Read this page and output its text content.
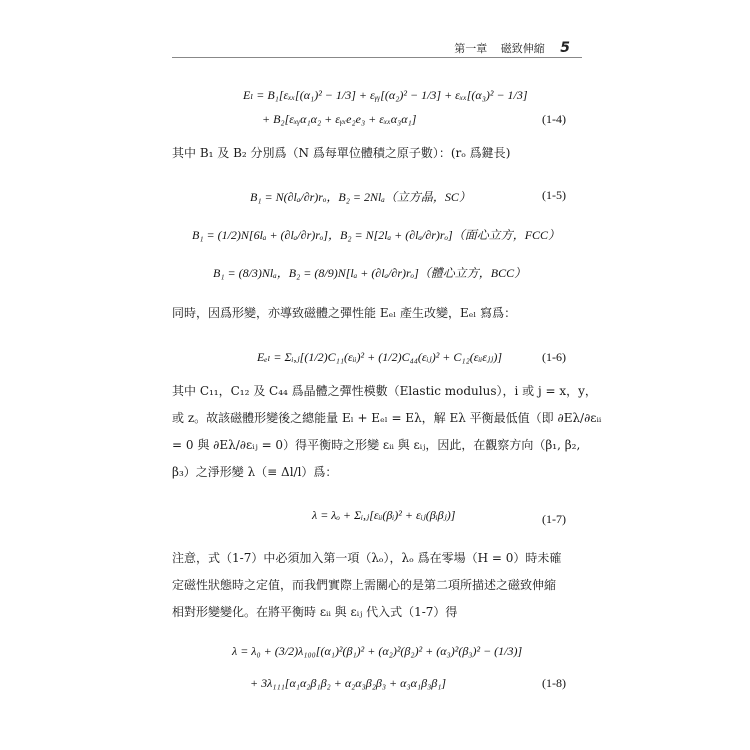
第一章 磁致伸縮 5
Eₗ = B₁[εₓₓ[(α₁)² − 1/3] + εᵧᵧ[(α₂)² − 1/3] + εₓₓ[(α₃)² − 1/3]
+ B₂[εₓᵧα₁α₂ + εᵧₓe₂e₃ + εₓₓα₃α₁]	(1-4)
其中 B₁ 及 B₂ 分別爲（N 爲每單位體積之原子數）：(rₒ 爲鍵長)
B₁ = N(∂lₐ/∂r)rₒ，B₂ = 2Nlₐ（立方晶，SC）	(1-5)
B₁ = (1/2)N[6lₐ + (∂lₐ/∂r)rₒ]，B₂ = N[2lₐ + (∂lₐ/∂r)rₒ]（面心立方，FCC）
B₁ = (8/3)Nlₐ，B₂ = (8/9)N[lₐ + (∂lₐ/∂r)rₒ]（體心立方，BCC）
同時，因爲形變，亦導致磁體之彈性能 Eₑₗ 產生改變，Eₑₗ 寫爲：
Eₑₗ = Σᵢ,ⱼ[(1/2)C₁₁(εᵢᵢ)² + (1/2)C₄₄(εᵢⱼ)² + C₁₂(εᵢᵢεⱼⱼ)]	(1-6)
其中 C₁₁，C₁₂ 及 C₄₄ 爲晶體之彈性模數（Elastic modulus），i 或 j = x，y，
或 z。故該磁體形變後之總能量 Eₗ + Eₑₗ = Eλ，解 Eλ 平衡最低值（即 ∂Eλ/∂εᵢᵢ
= 0 與 ∂Eλ/∂εᵢⱼ = 0）得平衡時之形變 εᵢᵢ 與 εᵢⱼ，因此，在觀察方向（β₁, β₂,
β₃）之淨形變 λ（≡ Δl/l）爲：
λ = λₒ + Σᵢ,ⱼ[εᵢᵢ(βᵢ)² + εᵢⱼ(βᵢβⱼ)]	(1-7)
注意，式（1-7）中必須加入第一項（λₒ），λₒ 爲在零場（H = 0）時未確
定磁性狀態時之定值，而我們實際上需關心的是第二項所描述之磁致伸縮
相對形變變化。在將平衡時 εᵢᵢ 與 εᵢⱼ 代入式（1-7）得
λ = λ₀ + (3/2)λ₁₀₀[(α₁)²(β₁)² + (α₂)²(β₂)² + (α₃)²(β₃)² − (1/3)]
+ 3λ₁₁₁[α₁α₂β₁β₂ + α₂α₃β₂β₃ + α₃α₁β₃β₁]	(1-8)
